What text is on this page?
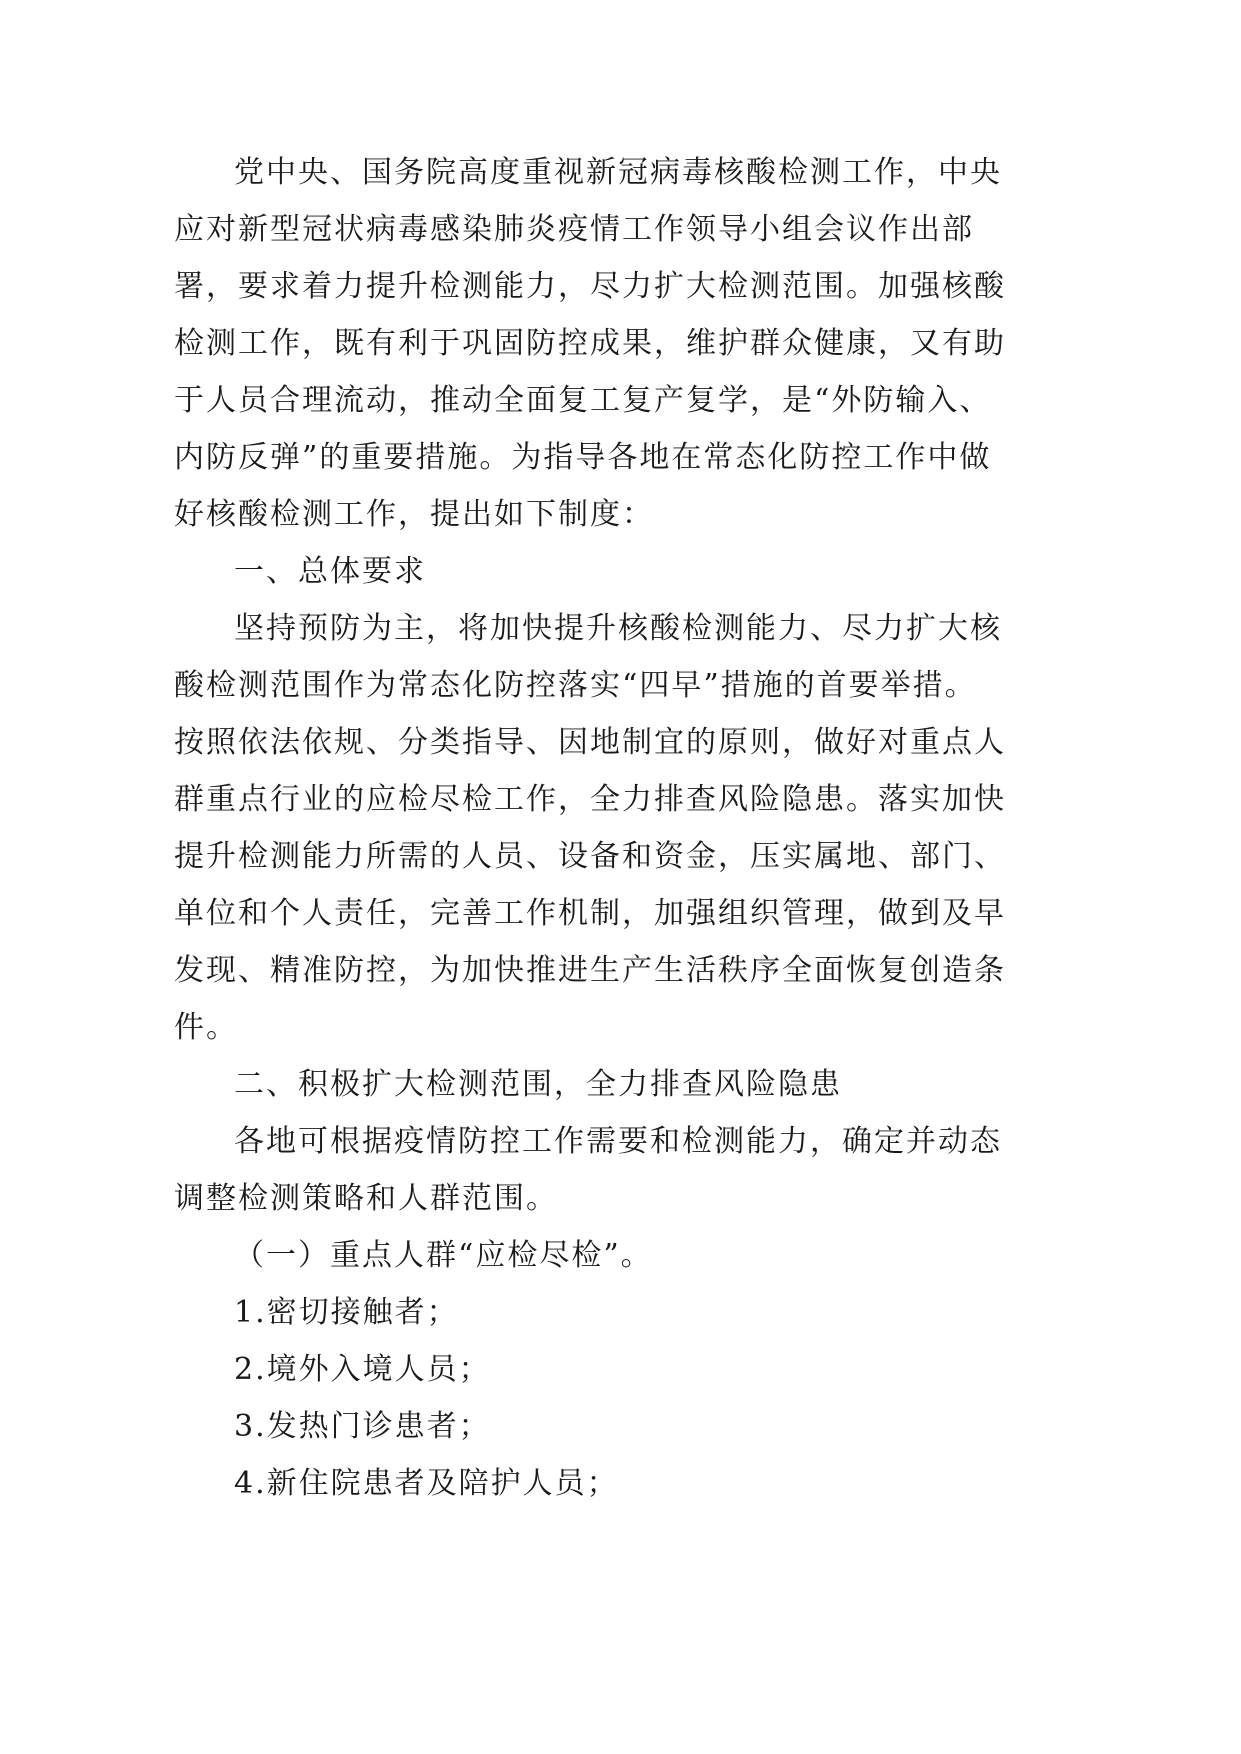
党中央、国务院高度重视新冠病毒核酸检测工作，中央
应对新型冠状病毒感染肺炎疫情工作领导小组会议作出部
署，要求着力提升检测能力，尽力扩大检测范围。加强核酸
检测工作，既有利于巩固防控成果，维护群众健康，又有助
于人员合理流动，推动全面复工复产复学，是“外防输入、
内防反弹”的重要措施。为指导各地在常态化防控工作中做
好核酸检测工作，提出如下制度：
一、总体要求
坚持预防为主，将加快提升核酸检测能力、尽力扩大核
酸检测范围作为常态化防控落实“四早”措施的首要举措。
按照依法依规、分类指导、因地制宜的原则，做好对重点人
群重点行业的应检尽检工作，全力排查风险隐患。落实加快
提升检测能力所需的人员、设备和资金，压实属地、部门、
单位和个人责任，完善工作机制，加强组织管理，做到及早
发现、精准防控，为加快推进生产生活秩序全面恢复创造条
件。
二、积极扩大检测范围，全力排查风险隐患
各地可根据疫情防控工作需要和检测能力，确定并动态
调整检测策略和人群范围。
（一）重点人群“应检尽检”。
1.密切接触者；
2.境外入境人员；
3.发热门诊患者；
4.新住院患者及陪护人员；
